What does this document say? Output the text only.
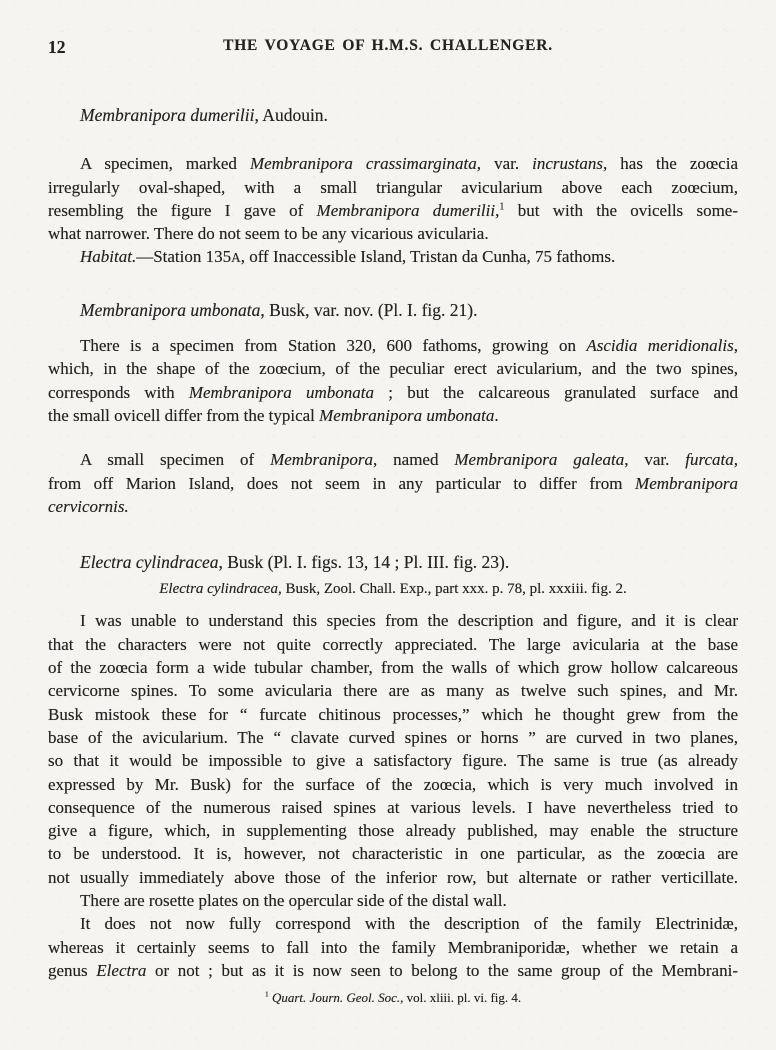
12	THE VOYAGE OF H.M.S. CHALLENGER.
Membranipora dumerilii, Audouin.
A specimen, marked Membranipora crassimarginata, var. incrustans, has the zoœcia
irregularly oval-shaped, with a small triangular avicularium above each zoœcium,
resembling the figure I gave of Membranipora dumerilii,$^1$ but with the ovicells some-
what narrower. There do not seem to be any vicarious avicularia.
Habitat.—Station 135A, off Inaccessible Island, Tristan da Cunha, 75 fathoms.
Membranipora umbonata, Busk, var. nov. (Pl. I. fig. 21).
There is a specimen from Station 320, 600 fathoms, growing on Ascidia meridionalis,
which, in the shape of the zoœcium, of the peculiar erect avicularium, and the two spines,
corresponds with Membranipora umbonata ; but the calcareous granulated surface and
the small ovicell differ from the typical Membranipora umbonata.
A small specimen of Membranipora, named Membranipora galeata, var. furcata,
from off Marion Island, does not seem in any particular to differ from Membranipora
cervicornis.
Electra cylindracea, Busk (Pl. I. figs. 13, 14 ; Pl. III. fig. 23).
Electra cylindracea, Busk, Zool. Chall. Exp., part xxx. p. 78, pl. xxxiii. fig. 2.
I was unable to understand this species from the description and figure, and it is clear
that the characters were not quite correctly appreciated. The large avicularia at the base
of the zoœcia form a wide tubular chamber, from the walls of which grow hollow calcareous
cervicorne spines. To some avicularia there are as many as twelve such spines, and Mr.
Busk mistook these for “ furcate chitinous processes,” which he thought grew from the
base of the avicularium. The “ clavate curved spines or horns ” are curved in two planes,
so that it would be impossible to give a satisfactory figure. The same is true (as already
expressed by Mr. Busk) for the surface of the zoœcia, which is very much involved in
consequence of the numerous raised spines at various levels. I have nevertheless tried to
give a figure, which, in supplementing those already published, may enable the structure
to be understood. It is, however, not characteristic in one particular, as the zoœcia are
not usually immediately above those of the inferior row, but alternate or rather verticillate.
There are rosette plates on the opercular side of the distal wall.
It does not now fully correspond with the description of the family Electrinidæ,
whereas it certainly seems to fall into the family Membraniporidæ, whether we retain a
genus Electra or not ; but as it is now seen to belong to the same group of the Membrani-
$^1$ Quart. Journ. Geol. Soc., vol. xliii. pl. vi. fig. 4.
